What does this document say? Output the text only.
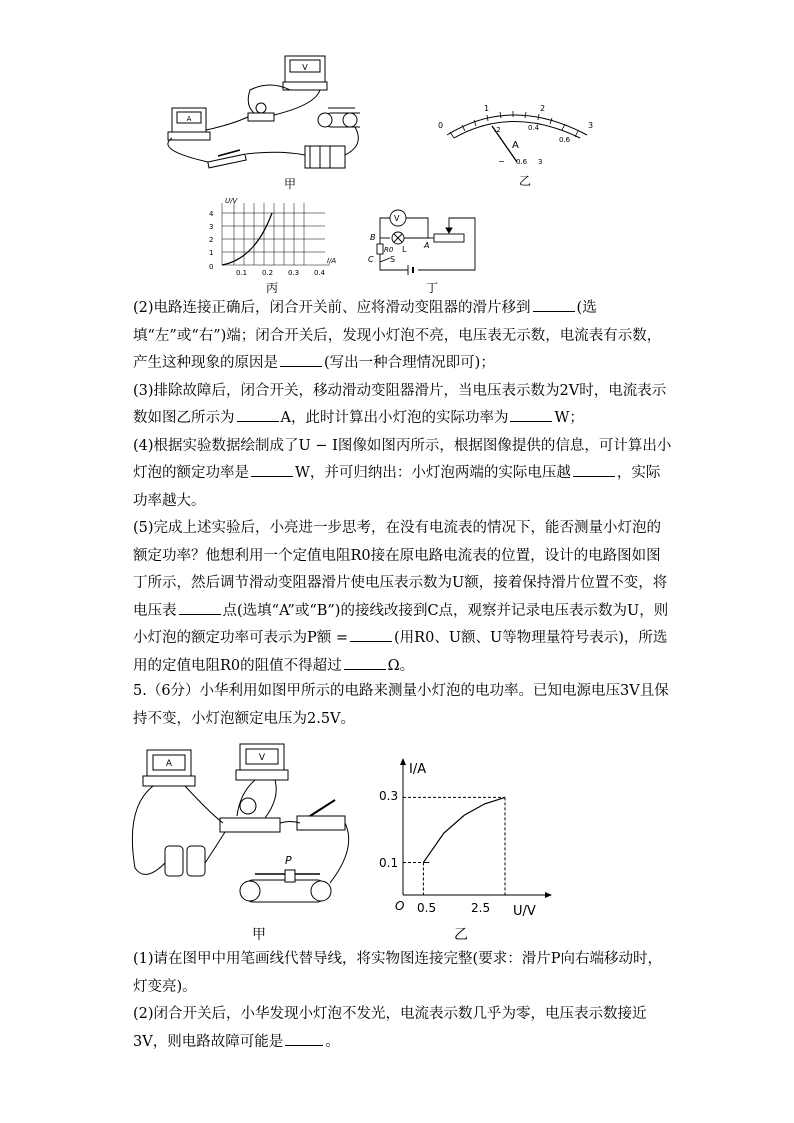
V
A
甲
0
1	2
3
.2	0.4
0.6
A
− 0.6 3
乙
U/V
I/A
1
2
3
4
0
0.1 0.2 0.3 0.4
丙
V
B
A
L
R0
C S
丁

(2)电路连接正确后，闭合开关前、应将滑动变阻器的滑片移到	(选填“左”或“右”)端；闭合开关后，发现小灯泡不亮，电压表无示数，电流表有示数，产生这种现象的原因是	(写出一种合理情况即可)；

(3)排除故障后，闭合开关，移动滑动变阻器滑片，当电压表示数为2V时，电流表示数如图乙所示为	A，此时计算出小灯泡的实际功率为	W；

(4)根据实验数据绘制成了U − I图像如图丙所示，根据图像提供的信息，可计算出小灯泡的额定功率是	W，并可归纳出：小灯泡两端的实际电压越	，实际功率越大。

(5)完成上述实验后，小亮进一步思考，在没有电流表的情况下，能否测量小灯泡的额定功率？他想利用一个定值电阻R0接在原电路电流表的位置，设计的电路图如图丁所示，然后调节滑动变阻器滑片使电压表示数为U额，接着保持滑片位置不变，将电压表	点(选填“A”或“B”)的接线改接到C点，观察并记录电压表示数为U，则小灯泡的额定功率可表示为P额 =	(用R0、U额、U等物理量符号表示)，所选用的定值电阻R0的阻值不得超过	Ω。

5.（6分）小华利用如图甲所示的电路来测量小灯泡的电功率。已知电源电压3V且保持不变，小灯泡额定电压为2.5V。
A
V
P
甲
I/A
U/V
O
0.1
0.3
0.5	2.5
乙

(1)请在图甲中用笔画线代替导线，将实物图连接完整(要求：滑片P向右端移动时，灯变亮)。

(2)闭合开关后，小华发现小灯泡不发光，电流表示数几乎为零，电压表示数接近3V，则电路故障可能是	。
